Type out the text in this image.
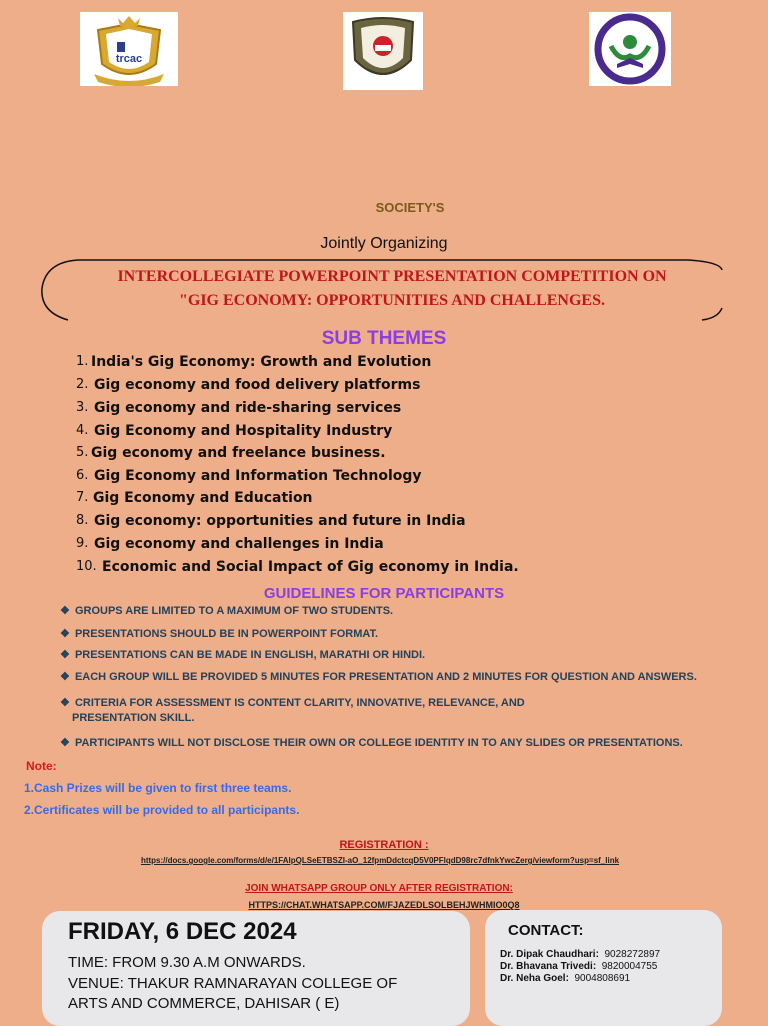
trcac
SOCIETY'S
Jointly Organizing
INTERCOLLEGIATE POWERPOINT PRESENTATION COMPETITION ON
"GIG ECONOMY: OPPORTUNITIES AND CHALLENGES.
SUB THEMES
1. India's Gig Economy: Growth and Evolution
2. Gig economy and food delivery platforms
3. Gig economy and ride-sharing services
4. Gig Economy and Hospitality Industry
5. Gig economy and freelance business.
6. Gig Economy and Information Technology
7. Gig Economy and Education
8. Gig economy: opportunities and future in India
9. Gig economy and challenges in India
10. Economic and Social Impact of Gig economy in India.
GUIDELINES FOR PARTICIPANTS
❖ GROUPS ARE LIMITED TO A MAXIMUM OF TWO STUDENTS.
❖ PRESENTATIONS SHOULD BE IN POWERPOINT FORMAT.
❖ PRESENTATIONS CAN BE MADE IN ENGLISH, MARATHI OR HINDI.
❖ EACH GROUP WILL BE PROVIDED 5 MINUTES FOR PRESENTATION AND 2 MINUTES FOR QUESTION AND ANSWERS.
❖ CRITERIA FOR ASSESSMENT IS CONTENT CLARITY, INNOVATIVE, RELEVANCE, AND
PRESENTATION SKILL.
❖ PARTICIPANTS WILL NOT DISCLOSE THEIR OWN OR COLLEGE IDENTITY IN TO ANY SLIDES OR PRESENTATIONS.
Note:
1.Cash Prizes will be given to first three teams.
2.Certificates will be provided to all participants.
REGISTRATION :
https://docs.google.com/forms/d/e/1FAIpQLSeETBSZI-aO_12fpmDdctcqD5V0PFlqdD98rc7dfnkYwcZerg/viewform?usp=sf_link
JOIN WHATSAPP GROUP ONLY AFTER REGISTRATION:
HTTPS://CHAT.WHATSAPP.COM/FJAZEDLSOLBEHJWHMIO0Q8
FRIDAY, 6 DEC 2024
TIME: FROM 9.30 A.M ONWARDS.
VENUE: THAKUR RAMNARAYAN COLLEGE OF
ARTS AND COMMERCE, DAHISAR ( E)
CONTACT:
Dr. Dipak Chaudhari: 9028272897
Dr. Bhavana Trivedi: 9820004755
Dr. Neha Goel: 9004808691
